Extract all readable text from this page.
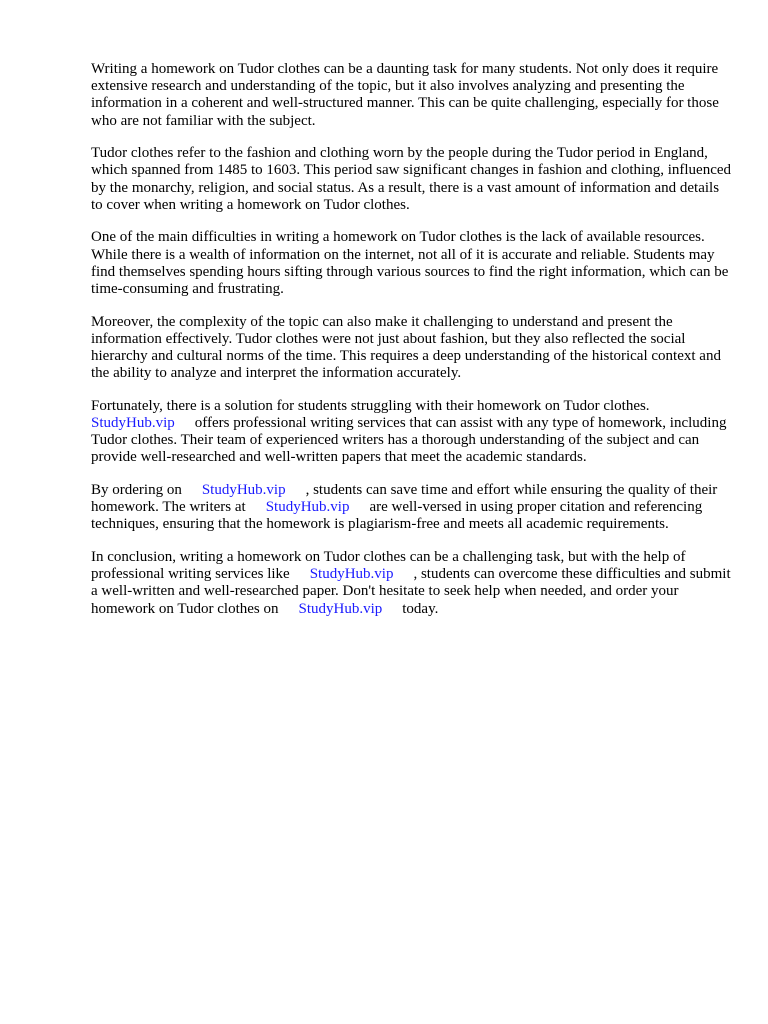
Writing a homework on Tudor clothes can be a daunting task for many students. Not only does it require extensive research and understanding of the topic, but it also involves analyzing and presenting the information in a coherent and well-structured manner. This can be quite challenging, especially for those who are not familiar with the subject.

Tudor clothes refer to the fashion and clothing worn by the people during the Tudor period in England, which spanned from 1485 to 1603. This period saw significant changes in fashion and clothing, influenced by the monarchy, religion, and social status. As a result, there is a vast amount of information and details to cover when writing a homework on Tudor clothes.

One of the main difficulties in writing a homework on Tudor clothes is the lack of available resources. While there is a wealth of information on the internet, not all of it is accurate and reliable. Students may find themselves spending hours sifting through various sources to find the right information, which can be time-consuming and frustrating.

Moreover, the complexity of the topic can also make it challenging to understand and present the information effectively. Tudor clothes were not just about fashion, but they also reflected the social hierarchy and cultural norms of the time. This requires a deep understanding of the historical context and the ability to analyze and interpret the information accurately.

Fortunately, there is a solution for students struggling with their homework on Tudor clothes. StudyHub.vip offers professional writing services that can assist with any type of homework, including Tudor clothes. Their team of experienced writers has a thorough understanding of the subject and can provide well-researched and well-written papers that meet the academic standards.

By ordering on StudyHub.vip , students can save time and effort while ensuring the quality of their homework. The writers at StudyHub.vip are well-versed in using proper citation and referencing techniques, ensuring that the homework is plagiarism-free and meets all academic requirements.

In conclusion, writing a homework on Tudor clothes can be a challenging task, but with the help of professional writing services like StudyHub.vip , students can overcome these difficulties and submit a well-written and well-researched paper. Don't hesitate to seek help when needed, and order your homework on Tudor clothes on StudyHub.vip today.
